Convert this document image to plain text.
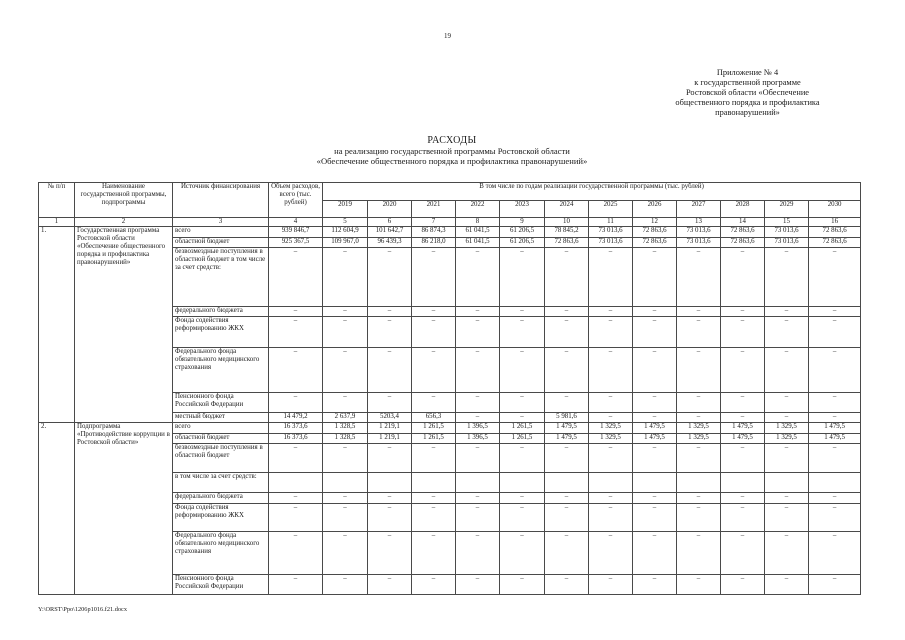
19
Приложение № 4
к государственной программе
Ростовской области «Обеспечение
общественного порядка и профилактика
правонарушений»
РАСХОДЫ
на реализацию государственной программы Ростовской области
«Обеспечение общественного порядка и профилактика правонарушений»
№ п/п	Наименование государственной программы, подпрограммы	Источник финансирования	Объем расходов, всего (тыс. рублей)	В том числе по годам реализации государственной программы (тыс. рублей)											
				2019	2020	2021	2022	2023	2024	2025	2026	2027	2028	2029	2030
1	2	3	4	5	6	7	8	9	10	11	12	13	14	15	16
1.	Государственная программа Ростовской области «Обеспечение общественного порядка и профилактика правонарушений»	всего	939 846,7	112 604,9	101 642,7	86 874,3	61 041,5	61 206,5	78 845,2	73 013,6	72 863,6	73 013,6	72 863,6	73 013,6	72 863,6
		областной бюджет	925 367,5	109 967,0	96 439,3	86 218,0	61 041,5	61 206,5	72 863,6	73 013,6	72 863,6	73 013,6	72 863,6	73 013,6	72 863,6
		безвозмездные поступления в областной бюджет в том числе за счет средств:	–	–	–	–	–	–	–	–	–	–	–	–	–
		федерального бюджета	–	–	–	–	–	–	–	–	–	–	–	–	–
		Фонда содействия реформированию ЖКХ	–	–	–	–	–	–	–	–	–	–	–	–	–
		Федерального фонда обязательного медицинского страхования	–	–	–	–	–	–	–	–	–	–	–	–	–
		Пенсионного фонда Российской Федерации	–	–	–	–	–	–	–	–	–	–	–	–	–
		местный бюджет	14 479,2	2 637,9	5203,4	656,3	–	–	5 981,6	–	–	–	–	–	–
2.	Подпрограмма «Противодействие коррупции в Ростовской области»	всего	16 373,6	1 328,5	1 219,1	1 261,5	1 396,5	1 261,5	1 479,5	1 329,5	1 479,5	1 329,5	1 479,5	1 329,5	1 479,5
		областной бюджет	16 373,6	1 328,5	1 219,1	1 261,5	1 396,5	1 261,5	1 479,5	1 329,5	1 479,5	1 329,5	1 479,5	1 329,5	1 479,5
		безвозмездные поступления в областной бюджет	–	–	–	–	–	–	–	–	–	–	–	–	–
		в том числе за счет средств:													
		федерального бюджета	–	–	–	–	–	–	–	–	–	–	–	–	–
		Фонда содействия реформированию ЖКХ	–	–	–	–	–	–	–	–	–	–	–	–	–
		Федерального фонда обязательного медицинского страхования	–	–	–	–	–	–	–	–	–	–	–	–	–
		Пенсионного фонда Российской Федерации	–	–	–	–	–	–	–	–	–	–	–	–	–
Y:\ORST\Ppo\1206p1016.f21.docx
